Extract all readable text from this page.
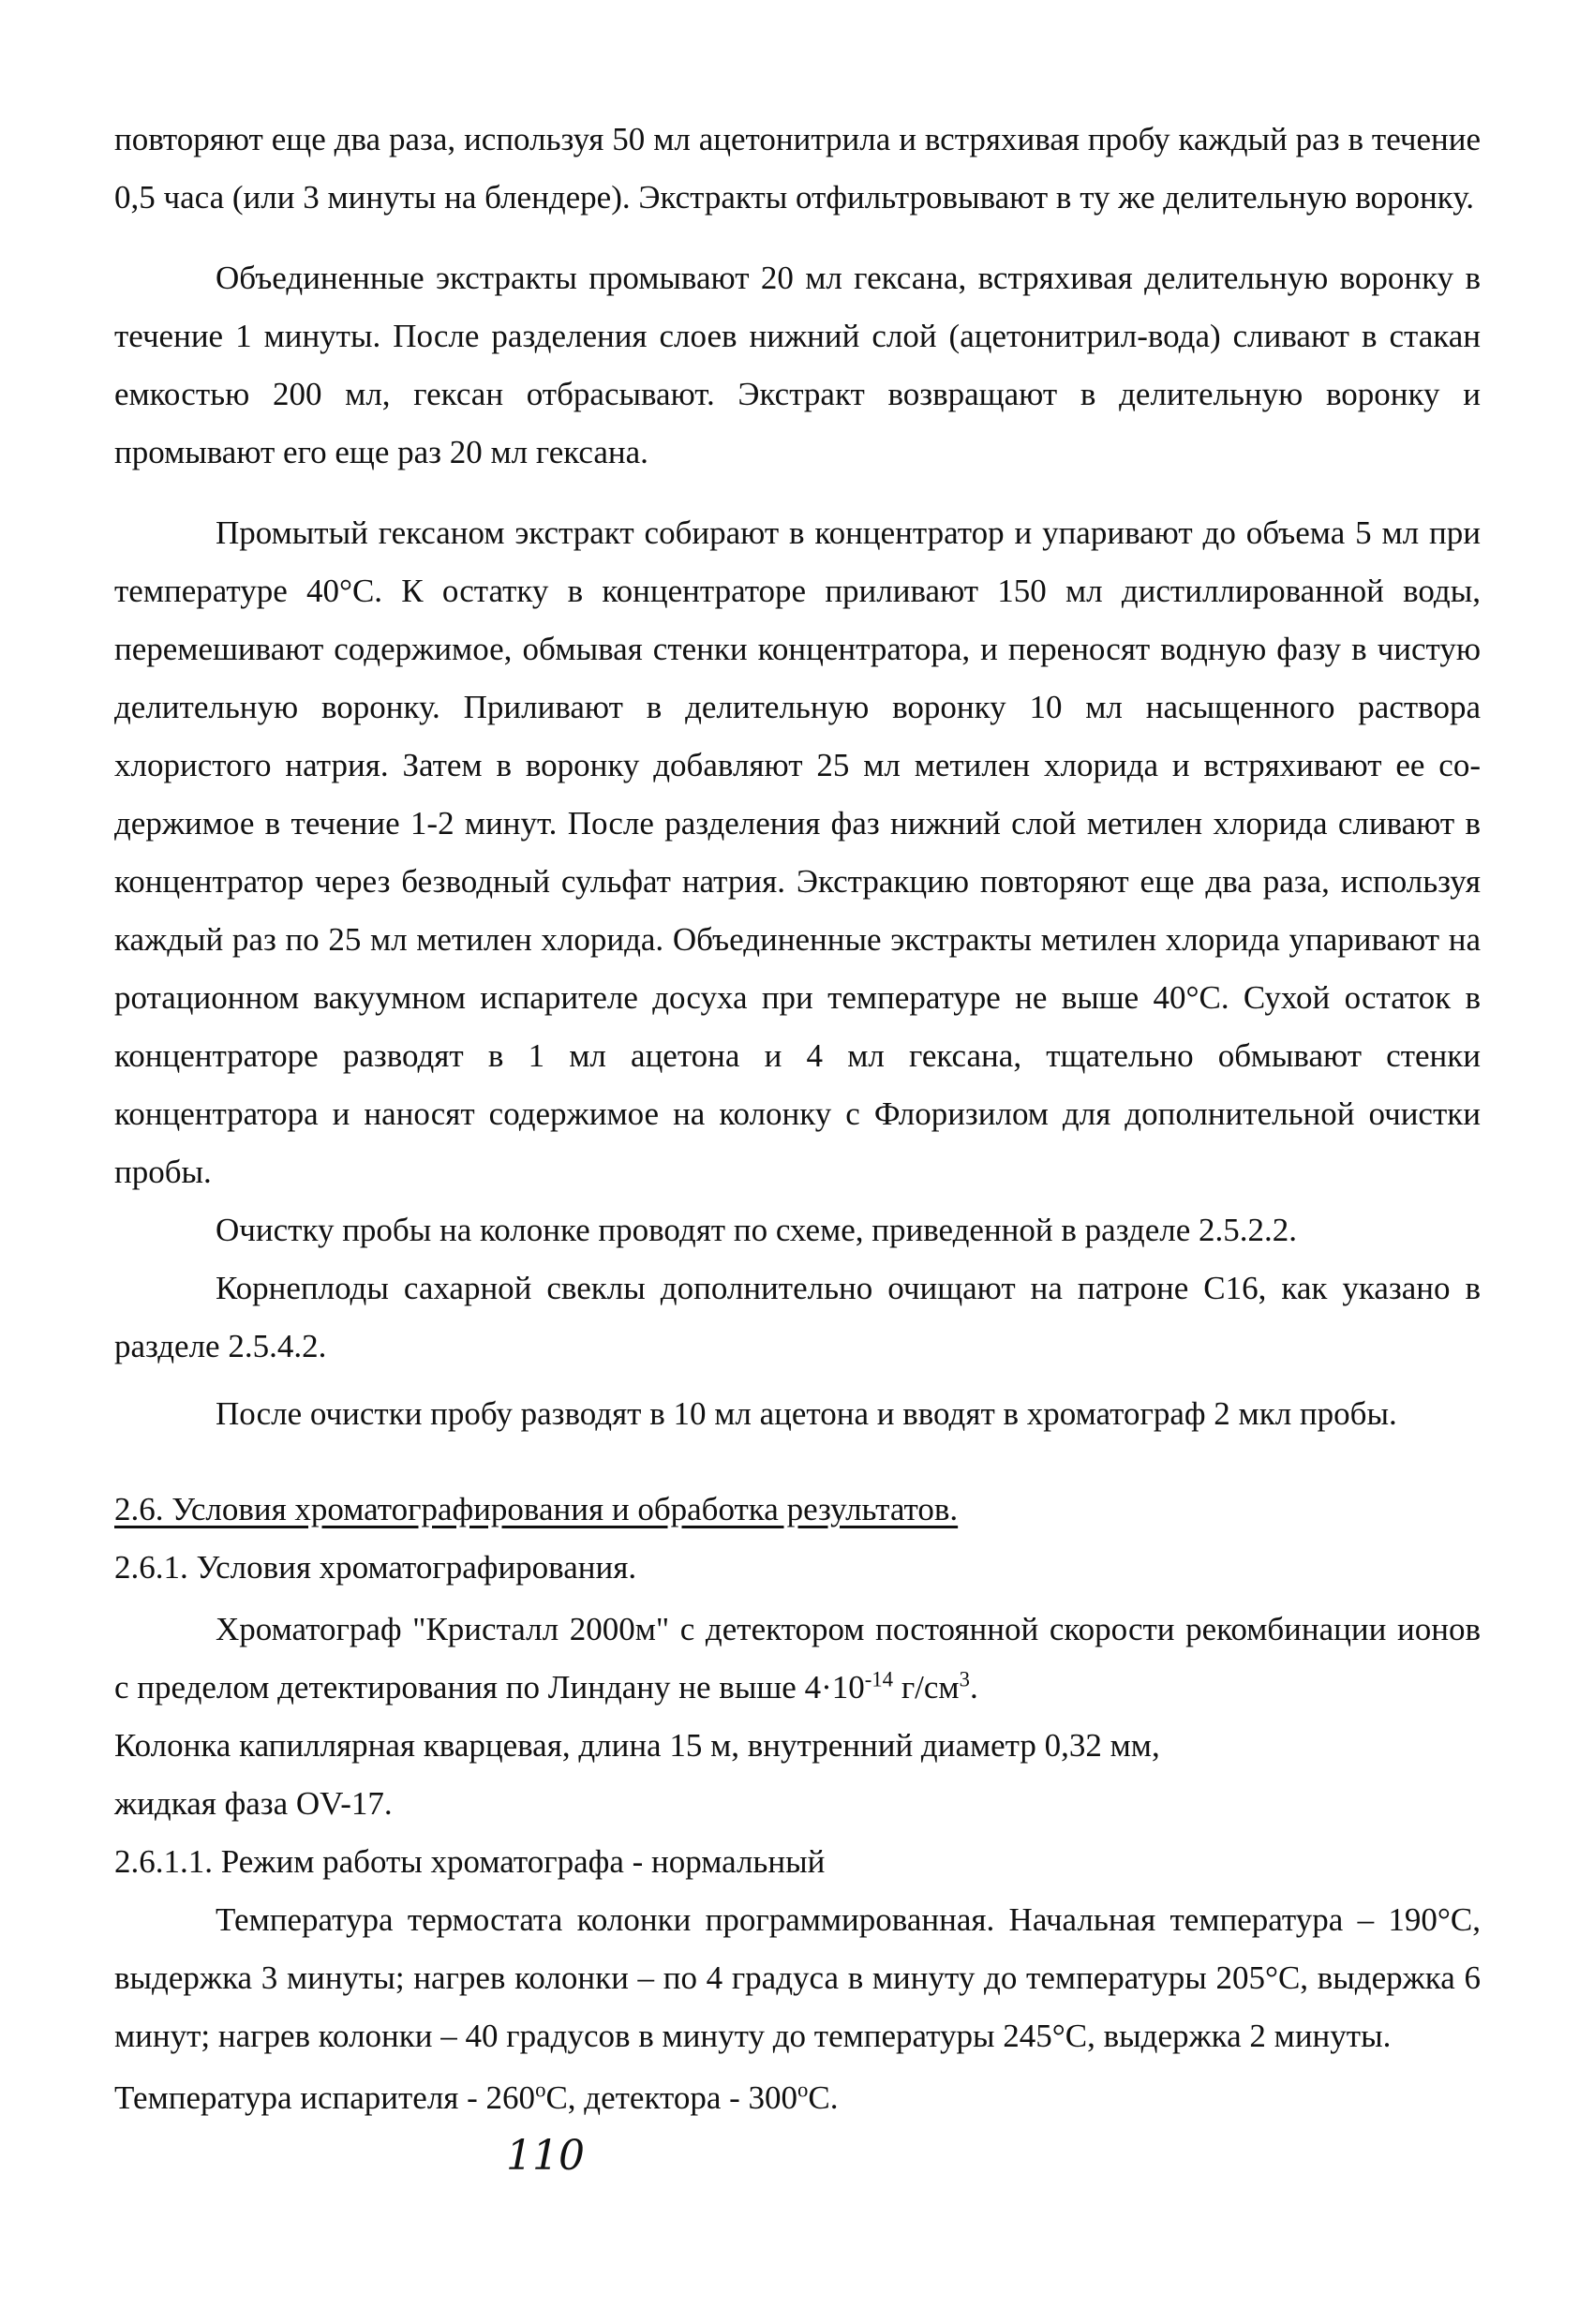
повторяют еще два раза, используя 50 мл ацетонитрила и встряхивая пробу каждый раз в течение 0,5 часа (или 3 минуты на блендере). Экстракты отфильтровывают в ту же делительную воронку.

Объединенные экстракты промывают 20 мл гексана, встряхивая делительную воронку в течение 1 минуты. После разделения слоев нижний слой (ацетонитрил-вода) сливают в стакан емкостью 200 мл, гексан отбрасывают. Экстракт возвращают в делительную воронку и промывают его еще раз 20 мл гексана.

Промытый гексаном экстракт собирают в концентратор и упаривают до объема 5 мл при температуре 40°С. К остатку в концентраторе приливают 150 мл дистиллированной воды, перемешивают содержимое, обмывая стенки концентратора, и переносят водную фазу в чистую делительную воронку. Приливают в делительную воронку 10 мл насыщенного раствора хлористого натрия. Затем в воронку добавляют 25 мл метилен хлорида и встряхивают ее содержимое в течение 1-2 минут. После разделения фаз нижний слой метилен хлорида сливают в концентратор через безводный сульфат натрия. Экстракцию повторяют еще два раза, используя каждый раз по 25 мл метилен хлорида. Объединенные экстракты метилен хлорида упаривают на ротационном вакуумном испарителе досуха при температуре не выше 40°С. Сухой остаток в концентраторе разводят в 1 мл ацетона и 4 мл гексана, тщательно обмывают стенки концентратора и наносят содержимое на колонку с Флоризилом для дополнительной очистки пробы.

Очистку пробы на колонке проводят по схеме, приведенной в разделе 2.5.2.2.

Корнеплоды сахарной свеклы дополнительно очищают на патроне С16, как указано в разделе 2.5.4.2.

После очистки пробу разводят в 10 мл ацетона и вводят в хроматограф 2 мкл пробы.

2.6. Условия хроматографирования и обработка результатов.

2.6.1. Условия хроматографирования.

Хроматограф "Кристалл 2000м" с детектором постоянной скорости рекомбинации ионов с пределом детектирования по Линдану не выше $4\cdot 10^{-14}$ $г/см^3$.

Колонка капиллярная кварцевая, длина 15 м, внутренний диаметр 0,32 мм,

жидкая фаза OV-17.

2.6.1.1. Режим работы хроматографа - нормальный

Температура термостата колонки программированная. Начальная температура – 190°С, выдержка 3 минуты; нагрев колонки – по 4 градуса в минуту до температуры 205°С, выдержка 6 минут; нагрев колонки – 40 градусов в минуту до температуры 245°С, выдержка 2 минуты.

Температура испарителя - $260^оС$, детектора - $300^оС$.

110
